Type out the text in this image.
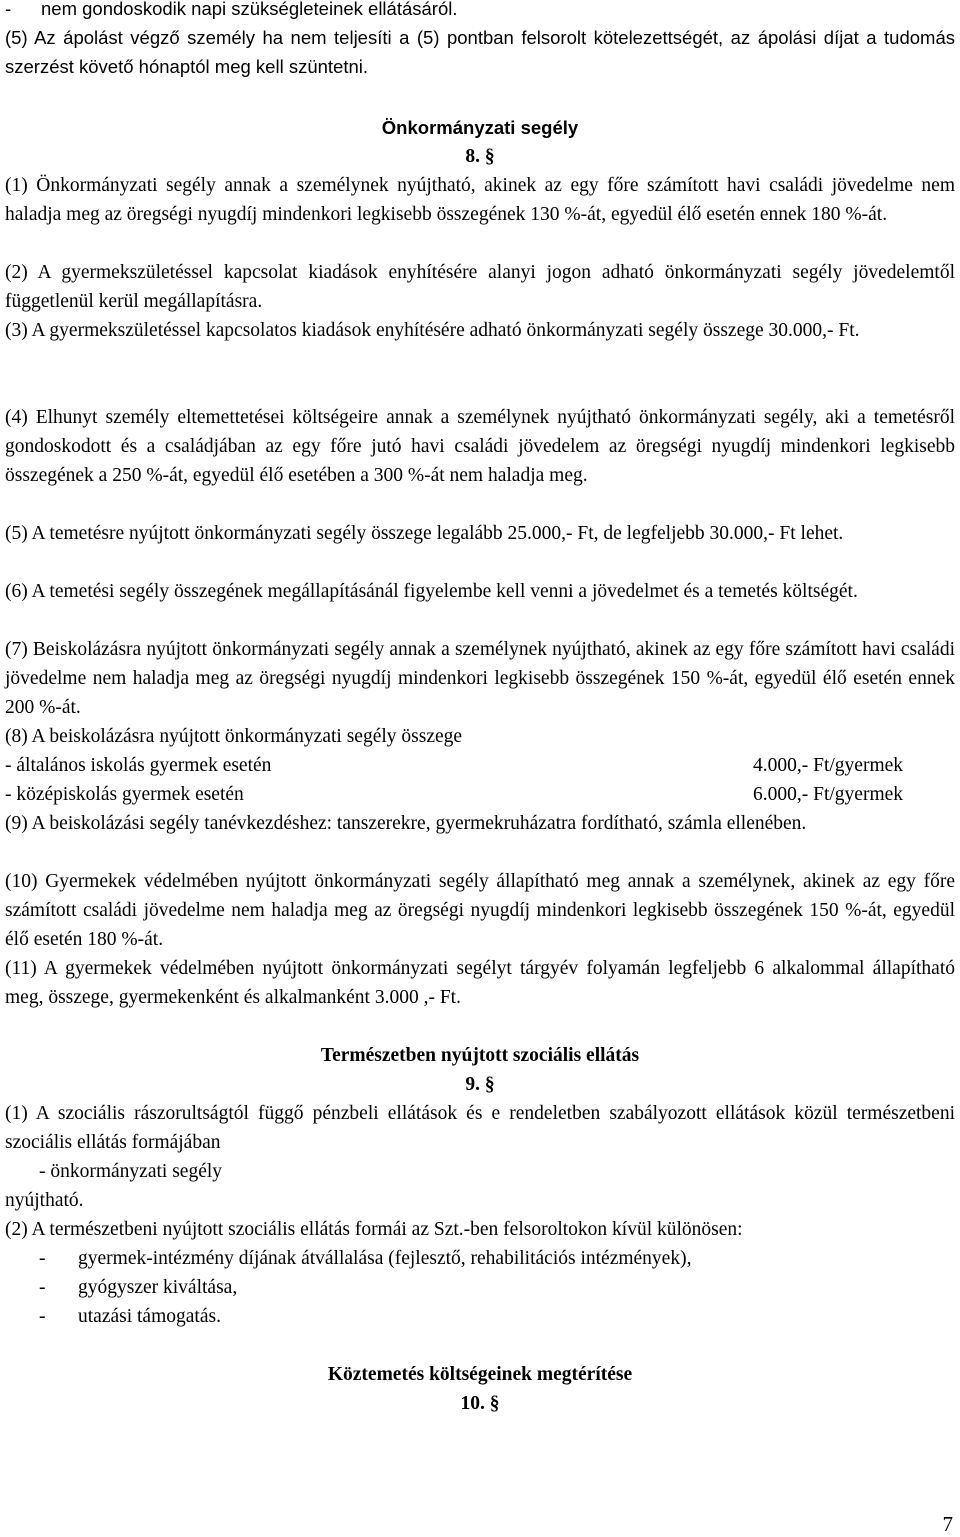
- nem gondoskodik napi szükségleteinek ellátásáról.

(5) Az ápolást végző személy ha nem teljesíti a (5) pontban felsorolt kötelezettségét, az ápolási díjat a tudomás szerzést követő hónaptól meg kell szüntetni.

Önkormányzati segély
8. §

(1) Önkormányzati segély annak a személynek nyújtható, akinek az egy főre számított havi családi jövedelme nem haladja meg az öregségi nyugdíj mindenkori legkisebb összegének 130 %-át, egyedül élő esetén ennek 180 %-át.

(2) A gyermekszületéssel kapcsolat kiadások enyhítésére alanyi jogon adható önkormányzati segély jövedelemtől függetlenül kerül megállapításra.

(3) A gyermekszületéssel kapcsolatos kiadások enyhítésére adható önkormányzati segély összege 30.000,- Ft.

(4) Elhunyt személy eltemettetései költségeire annak a személynek nyújtható önkormányzati segély, aki a temetésről gondoskodott és a családjában az egy főre jutó havi családi jövedelem az öregségi nyugdíj mindenkori legkisebb összegének a 250 %-át, egyedül élő esetében a 300 %-át nem haladja meg.

(5) A temetésre nyújtott önkormányzati segély összege legalább 25.000,- Ft, de legfeljebb 30.000,- Ft lehet.

(6) A temetési segély összegének megállapításánál figyelembe kell venni a jövedelmet és a temetés költségét.

(7) Beiskolázásra nyújtott önkormányzati segély annak a személynek nyújtható, akinek az egy főre számított havi családi jövedelme nem haladja meg az öregségi nyugdíj mindenkori legkisebb összegének 150 %-át, egyedül élő esetén ennek 200 %-át.

(8) A beiskolázásra nyújtott önkormányzati segély összege

- általános iskolás gyermek esetén	4.000,- Ft/gyermek
- középiskolás gyermek esetén	6.000,- Ft/gyermek

(9) A beiskolázási segély tanévkezdéshez: tanszerekre, gyermekruházatra fordítható, számla ellenében.

(10) Gyermekek védelmében nyújtott önkormányzati segély állapítható meg annak a személynek, akinek az egy főre számított családi jövedelme nem haladja meg az öregségi nyugdíj mindenkori legkisebb összegének 150 %-át, egyedül élő esetén 180 %-át.

(11) A gyermekek védelmében nyújtott önkormányzati segélyt tárgyév folyamán legfeljebb 6 alkalommal állapítható meg, összege, gyermekenként és alkalmanként 3.000 ,- Ft.

Természetben nyújtott szociális ellátás
9. §

(1) A szociális rászorultságtól függő pénzbeli ellátások és e rendeletben szabályozott ellátások közül természetbeni szociális ellátás formájában

- önkormányzati segély
nyújtható.

(2) A természetbeni nyújtott szociális ellátás formái az Szt.-ben felsoroltokon kívül különösen:

- gyermek-intézmény díjának átvállalása (fejlesztő, rehabilitációs intézmények),
- gyógyszer kiváltása,
- utazási támogatás.
Köztemetés költségeinek megtérítése
10. §
7
